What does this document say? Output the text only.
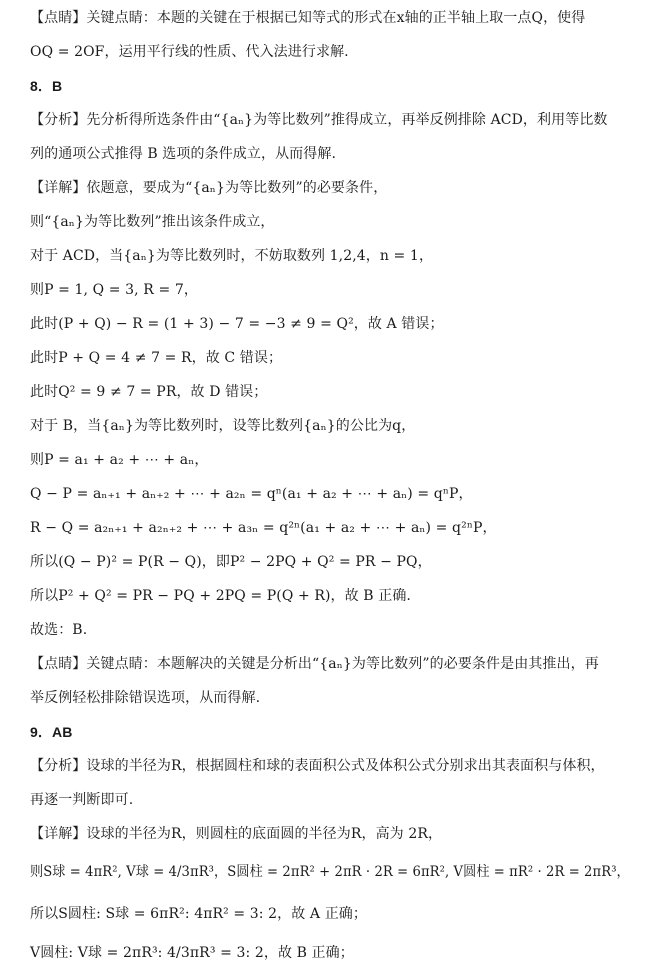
【点睛】关键点睛：本题的关键在于根据已知等式的形式在x轴的正半轴上取一点Q，使得
OQ = 2OF，运用平行线的性质、代入法进行求解.
8．B
【分析】先分析得所选条件由“{aₙ}为等比数列”推得成立，再举反例排除 ACD，利用等比数
列的通项公式推得 B 选项的条件成立，从而得解.
【详解】依题意，要成为“{aₙ}为等比数列”的必要条件，
则“{aₙ}为等比数列”推出该条件成立，
对于 ACD，当{aₙ}为等比数列时，不妨取数列 1,2,4，n = 1，
则P = 1, Q = 3, R = 7，
此时(P + Q) − R = (1 + 3) − 7 = −3 ≠ 9 = Q²，故 A 错误；
此时P + Q = 4 ≠ 7 = R，故 C 错误；
此时Q² = 9 ≠ 7 = PR，故 D 错误；
对于 B，当{aₙ}为等比数列时，设等比数列{aₙ}的公比为q，
则P = a₁ + a₂ + ⋯ + aₙ，
Q − P = aₙ₊₁ + aₙ₊₂ + ⋯ + a₂ₙ = qⁿ(a₁ + a₂ + ⋯ + aₙ) = qⁿP，
R − Q = a₂ₙ₊₁ + a₂ₙ₊₂ + ⋯ + a₃ₙ = q²ⁿ(a₁ + a₂ + ⋯ + aₙ) = q²ⁿP，
所以(Q − P)² = P(R − Q)，即P² − 2PQ + Q² = PR − PQ，
所以P² + Q² = PR − PQ + 2PQ = P(Q + R)，故 B 正确.
故选：B.
【点睛】关键点睛：本题解决的关键是分析出“{aₙ}为等比数列”的必要条件是由其推出，再
举反例轻松排除错误选项，从而得解.
9．AB
【分析】设球的半径为R，根据圆柱和球的表面积公式及体积公式分别求出其表面积与体积，
再逐一判断即可.
【详解】设球的半径为R，则圆柱的底面圆的半径为R，高为 2R，
则S球 = 4πR², V球 = 4/3πR³，S圆柱 = 2πR² + 2πR · 2R = 6πR², V圆柱 = πR² · 2R = 2πR³，
所以S圆柱: S球 = 6πR²: 4πR² = 3: 2，故 A 正确；
V圆柱: V球 = 2πR³: 4/3πR³ = 3: 2，故 B 正确；
